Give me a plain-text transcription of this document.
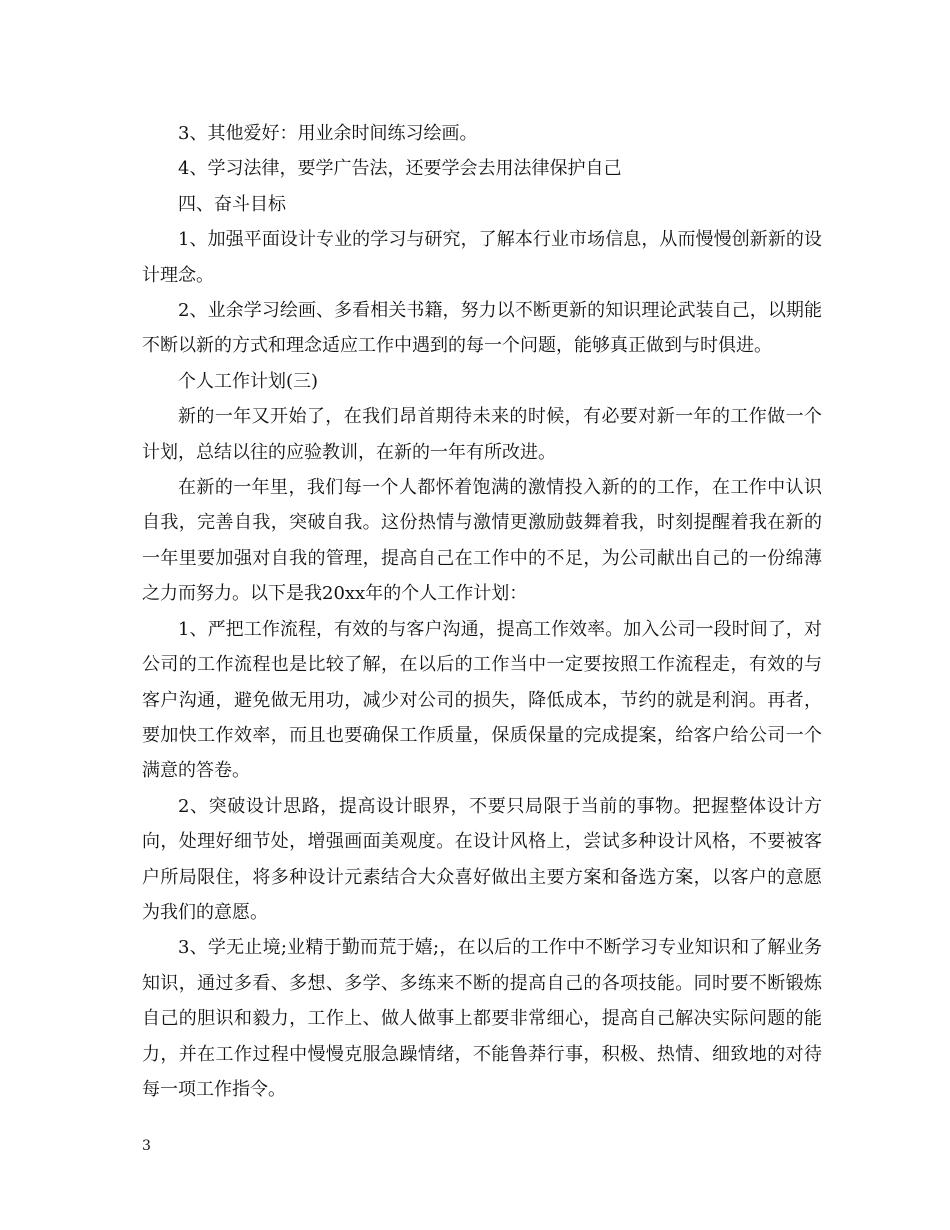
3、其他爱好：用业余时间练习绘画。

4、学习法律，要学广告法，还要学会去用法律保护自己

四、奋斗目标

1、加强平面设计专业的学习与研究，了解本行业市场信息，从而慢慢创新新的设计理念。

2、业余学习绘画、多看相关书籍，努力以不断更新的知识理论武装自己，以期能不断以新的方式和理念适应工作中遇到的每一个问题，能够真正做到与时俱进。

个人工作计划(三)

新的一年又开始了，在我们昂首期待未来的时候，有必要对新一年的工作做一个计划，总结以往的应验教训，在新的一年有所改进。

在新的一年里，我们每一个人都怀着饱满的激情投入新的的工作，在工作中认识自我，完善自我，突破自我。这份热情与激情更激励鼓舞着我，时刻提醒着我在新的一年里要加强对自我的管理，提高自己在工作中的不足，为公司献出自己的一份绵薄之力而努力。以下是我20xx年的个人工作计划：

1、严把工作流程，有效的与客户沟通，提高工作效率。加入公司一段时间了，对公司的工作流程也是比较了解，在以后的工作当中一定要按照工作流程走，有效的与客户沟通，避免做无用功，减少对公司的损失，降低成本，节约的就是利润。再者，要加快工作效率，而且也要确保工作质量，保质保量的完成提案，给客户给公司一个满意的答卷。

2、突破设计思路，提高设计眼界，不要只局限于当前的事物。把握整体设计方向，处理好细节处，增强画面美观度。在设计风格上，尝试多种设计风格，不要被客户所局限住，将多种设计元素结合大众喜好做出主要方案和备选方案，以客户的意愿为我们的意愿。

3、学无止境;业精于勤而荒于嬉;，在以后的工作中不断学习专业知识和了解业务知识，通过多看、多想、多学、多练来不断的提高自己的各项技能。同时要不断锻炼自己的胆识和毅力，工作上、做人做事上都要非常细心，提高自己解决实际问题的能力，并在工作过程中慢慢克服急躁情绪，不能鲁莽行事，积极、热情、细致地的对待每一项工作指令。

3
